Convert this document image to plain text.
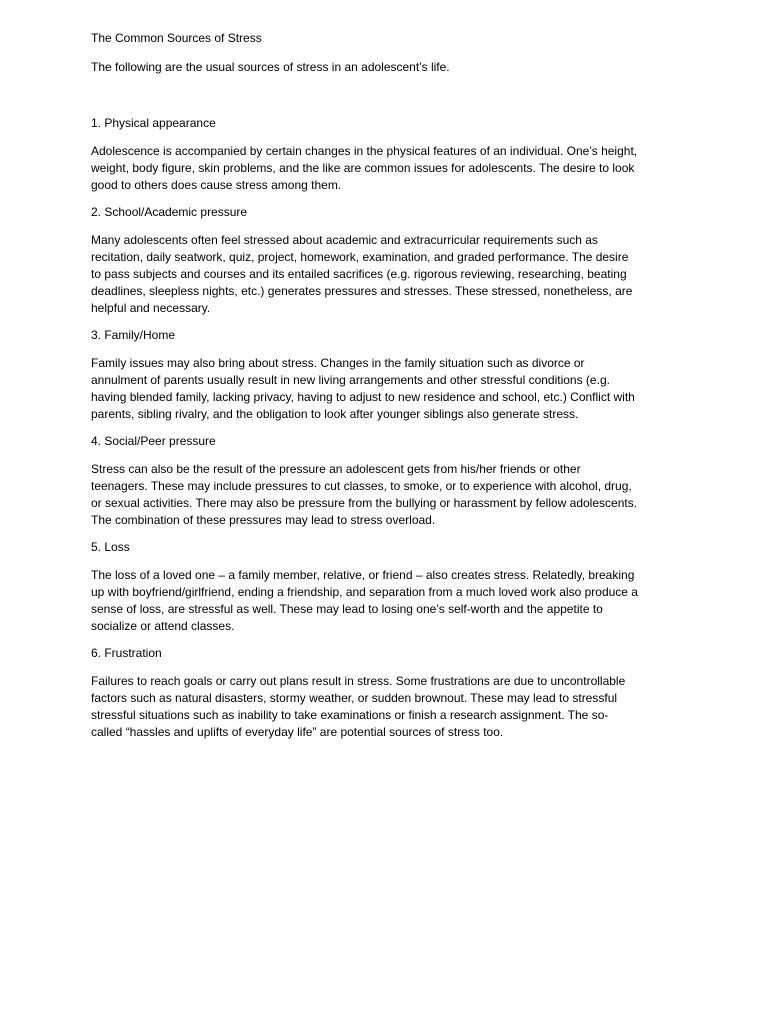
The Common Sources of Stress

The following are the usual sources of stress in an adolescent’s life.

1. Physical appearance

Adolescence is accompanied by certain changes in the physical features of an individual. One’s height, weight, body figure, skin problems, and the like are common issues for adolescents. The desire to look good to others does cause stress among them.

2. School/Academic pressure

Many adolescents often feel stressed about academic and extracurricular requirements such as recitation, daily seatwork, quiz, project, homework, examination, and graded performance. The desire to pass subjects and courses and its entailed sacrifices (e.g. rigorous reviewing, researching, beating deadlines, sleepless nights, etc.) generates pressures and stresses. These stressed, nonetheless, are helpful and necessary.

3. Family/Home

Family issues may also bring about stress. Changes in the family situation such as divorce or annulment of parents usually result in new living arrangements and other stressful conditions (e.g. having blended family, lacking privacy, having to adjust to new residence and school, etc.) Conflict with parents, sibling rivalry, and the obligation to look after younger siblings also generate stress.

4. Social/Peer pressure

Stress can also be the result of the pressure an adolescent gets from his/her friends or other teenagers. These may include pressures to cut classes, to smoke, or to experience with alcohol, drug, or sexual activities. There may also be pressure from the bullying or harassment by fellow adolescents. The combination of these pressures may lead to stress overload.

5. Loss

The loss of a loved one – a family member, relative, or friend – also creates stress. Relatedly, breaking up with boyfriend/girlfriend, ending a friendship, and separation from a much loved work also produce a sense of loss, are stressful as well. These may lead to losing one’s self-worth and the appetite to socialize or attend classes.

6. Frustration

Failures to reach goals or carry out plans result in stress. Some frustrations are due to uncontrollable factors such as natural disasters, stormy weather, or sudden brownout. These may lead to stressful stressful situations such as inability to take examinations or finish a research assignment. The so-called “hassles and uplifts of everyday life” are potential sources of stress too.
